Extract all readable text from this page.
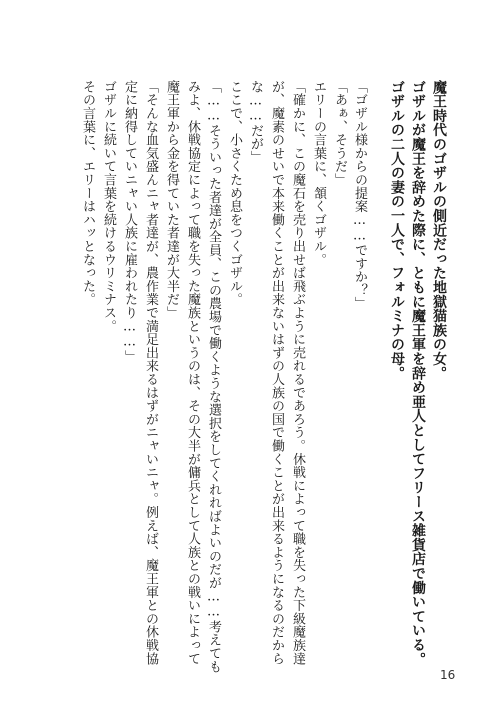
魔王時代のゴザルの側近だった地獄猫族の女。
ゴザルが魔王を辞めた際に、ともに魔王軍を辞め亜人としてフリース雑貨店で働いている。
ゴザルの二人の妻の一人で、フォルミナの母。
「ゴザル様からの提案……ですか？」
「あぁ、そうだ」
エリーの言葉に、頷くゴザル。
「確かに、この魔石を売り出せば飛ぶように売れるであろう。休戦によって職を失った下級魔族達
が、魔素のせいで本来働くことが出来ないはずの人族の国で働くことが出来るようになるのだから
な……だが」
ここで、小さくため息をつくゴザル。
「……そういった者達が全員、この農場で働くような選択をしてくれればよいのだが……考えても
みよ、休戦協定によって職を失った魔族というのは、その大半が傭兵として人族との戦いによって
魔王軍から金を得ていた者達が大半だ」
「そんな血気盛んニャ者達が、農作業で満足出来るはずがニャいニャ。例えば、魔王軍との休戦協
定に納得していニャい人族に雇われたり……」
ゴザルに続いて言葉を続けるウリミナス。
その言葉に、エリーはハッとなった。
16
